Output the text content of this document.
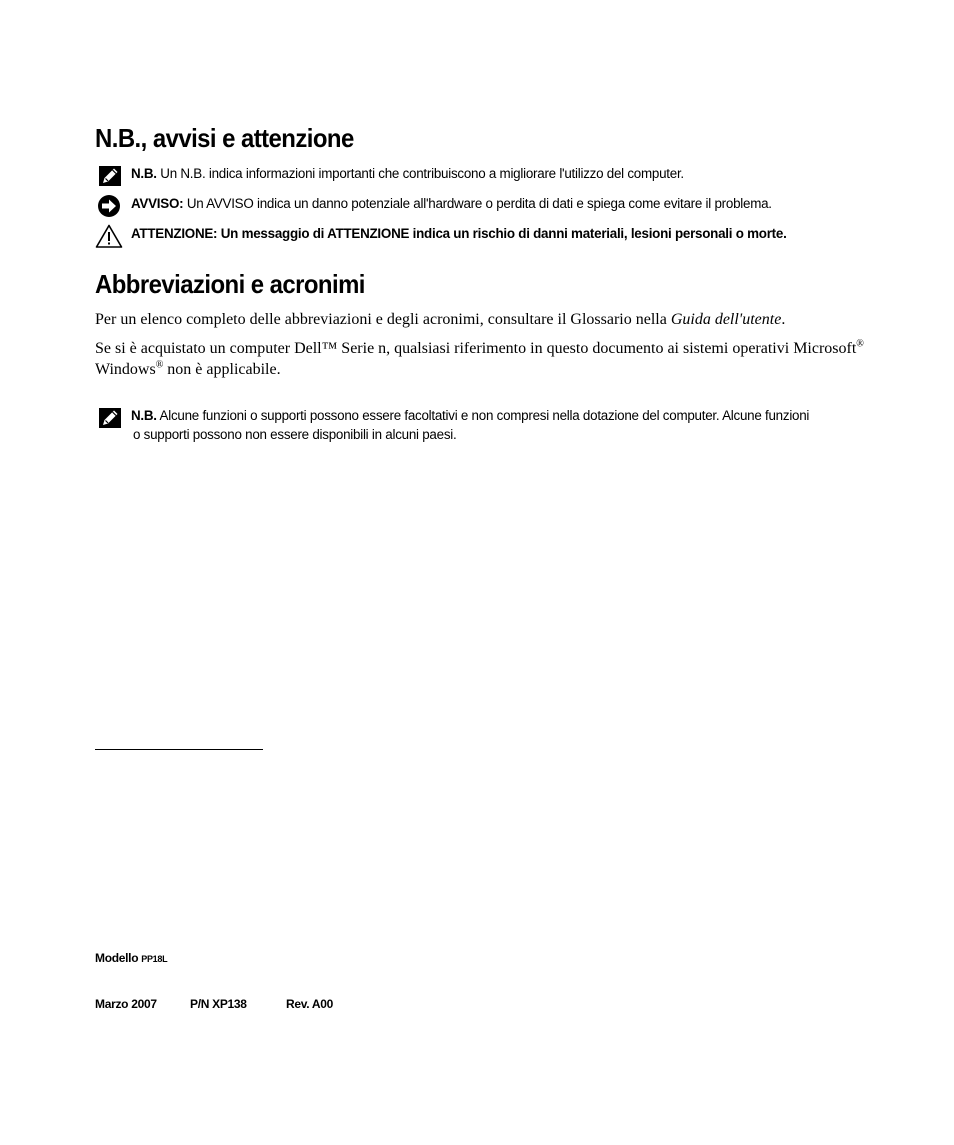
N.B., avvisi e attenzione
N.B. Un N.B. indica informazioni importanti che contribuiscono a migliorare l'utilizzo del computer.
AVVISO: Un AVVISO indica un danno potenziale all'hardware o perdita di dati e spiega come evitare il problema.
ATTENZIONE: Un messaggio di ATTENZIONE indica un rischio di danni materiali, lesioni personali o morte.
Abbreviazioni e acronimi

Per un elenco completo delle abbreviazioni e degli acronimi, consultare il Glossario nella Guida dell'utente.

Se si è acquistato un computer Dell™ Serie n, qualsiasi riferimento in questo documento ai sistemi operativi Microsoft® Windows® non è applicabile.

N.B. Alcune funzioni o supporti possono essere facoltativi e non compresi nella dotazione del computer. Alcune funzioni
o supporti possono non essere disponibili in alcuni paesi.
Modello PP18L
Marzo 2007	P/N XP138	Rev. A00
